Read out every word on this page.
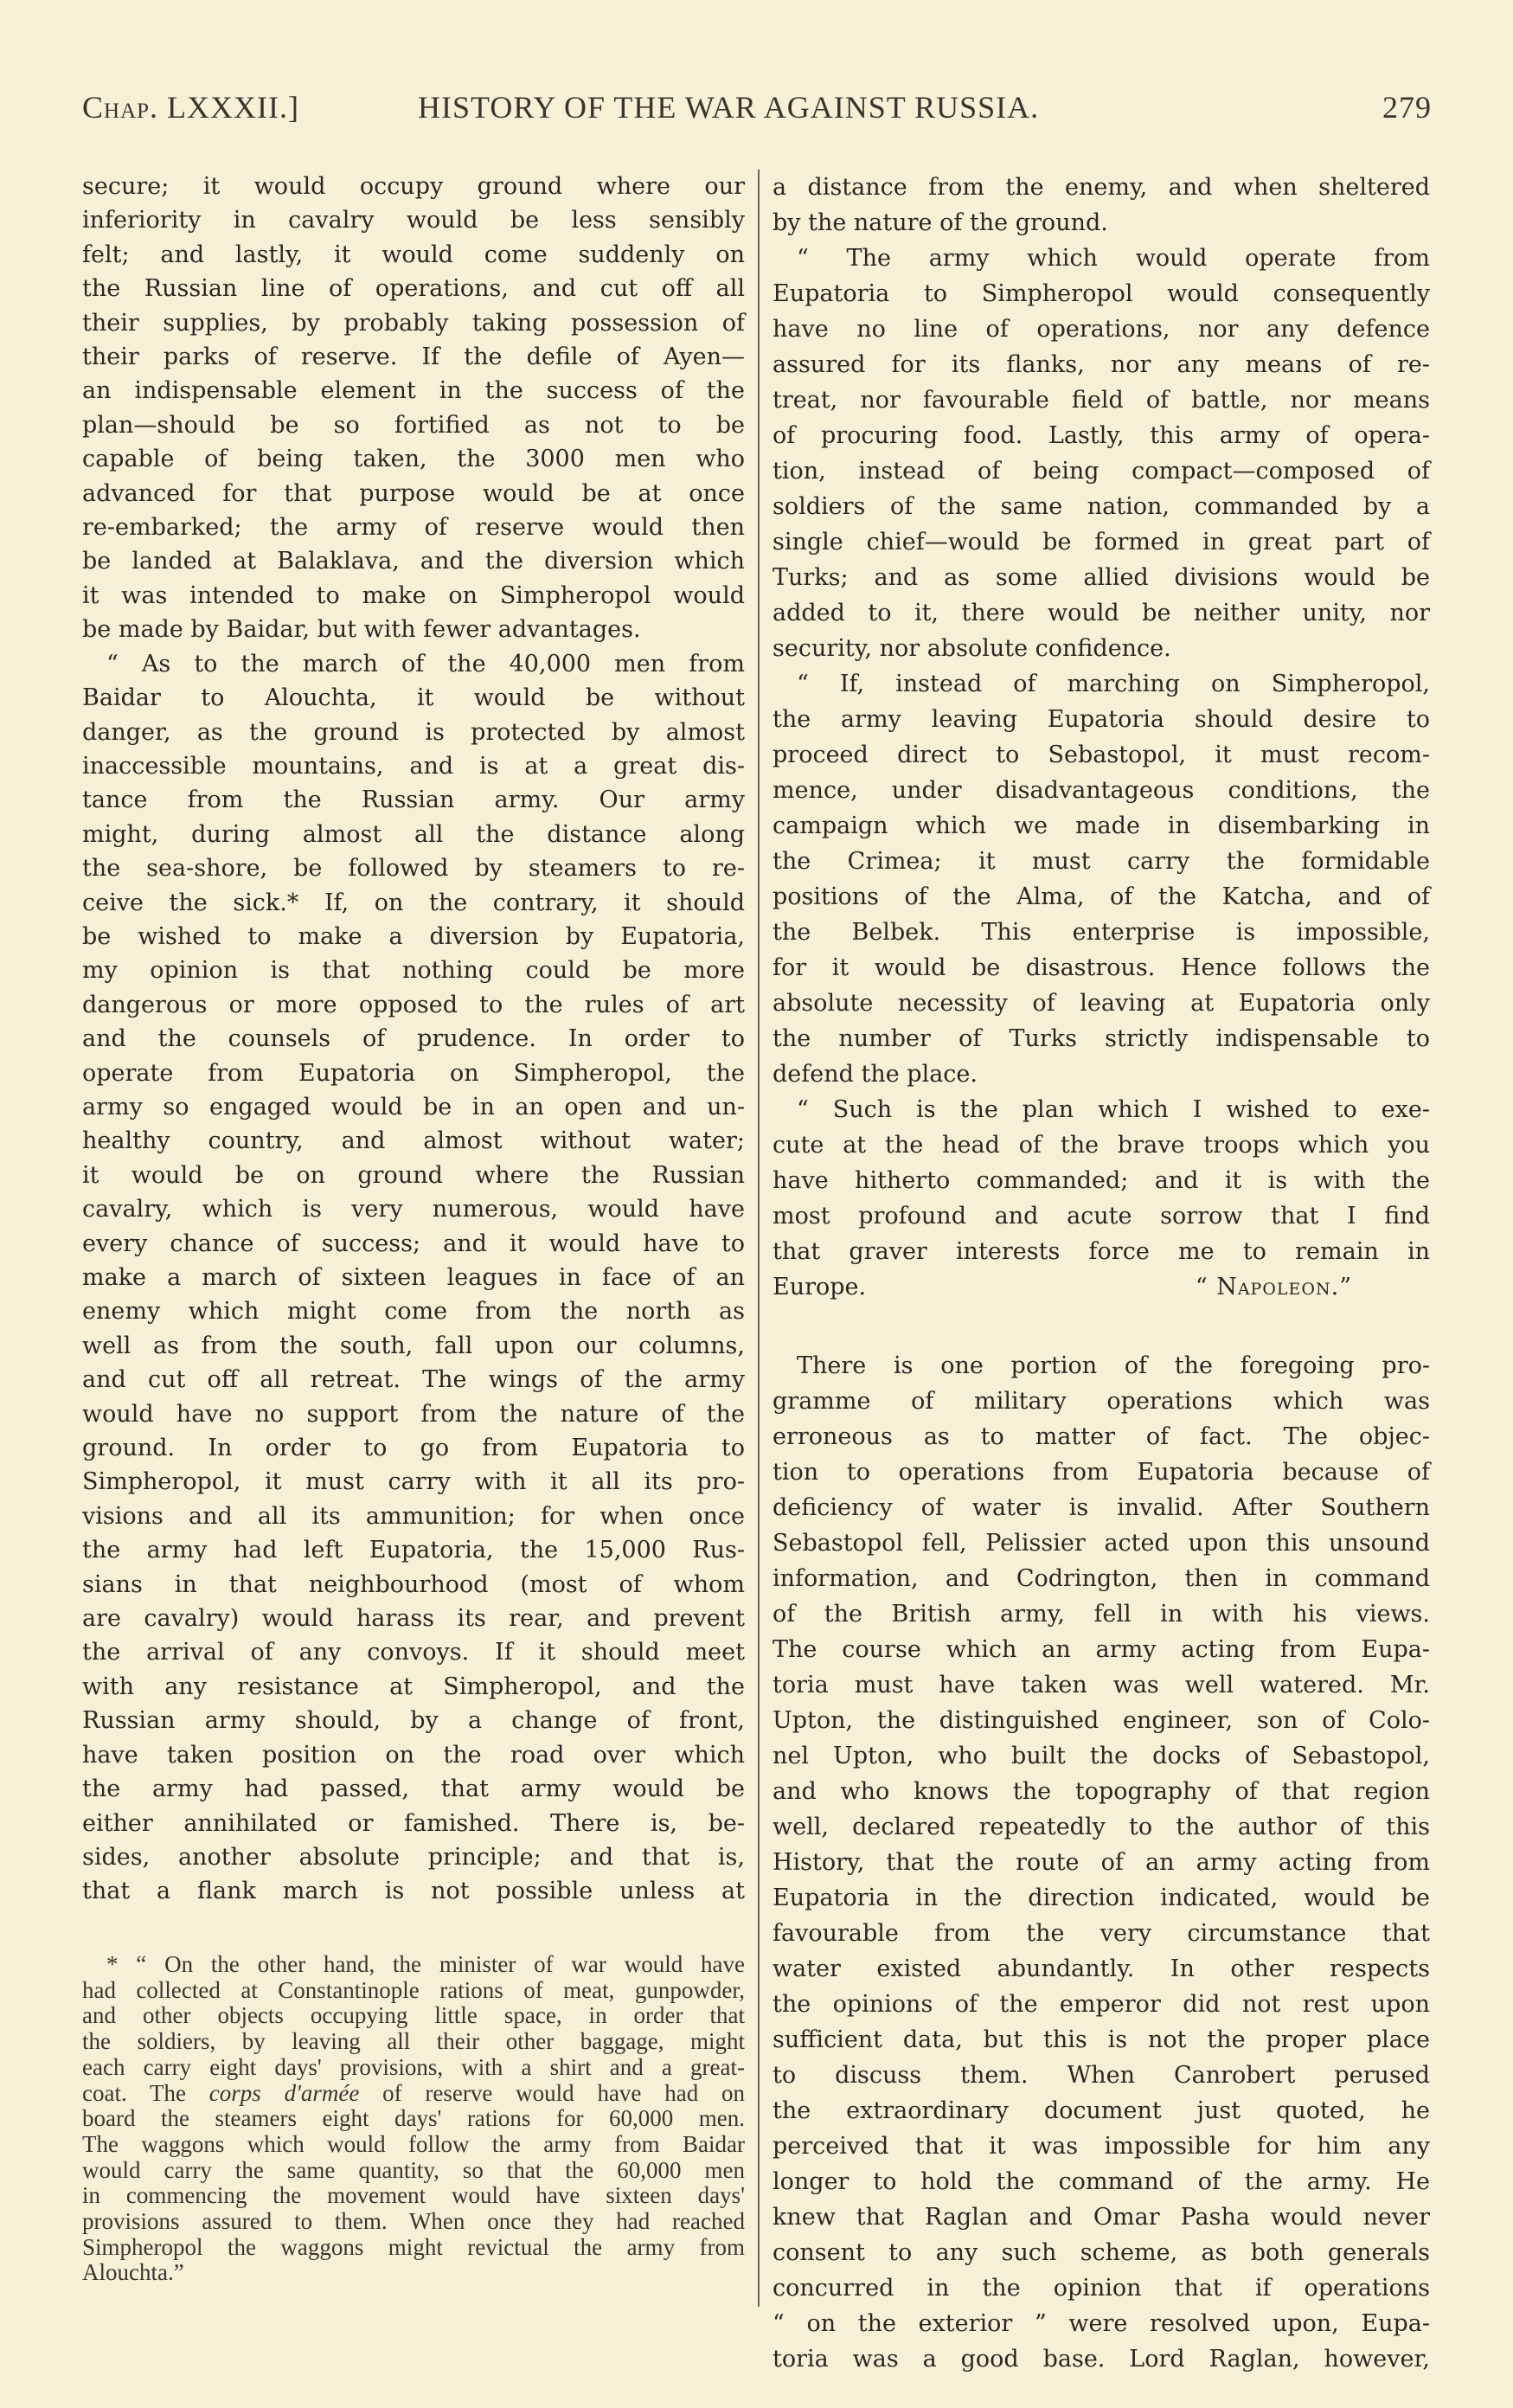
Chap. LXXXII.]	HISTORY OF THE WAR AGAINST RUSSIA.	279
secure; it would occupy ground where our
inferiority in cavalry would be less sensibly
felt; and lastly, it would come suddenly on
the Russian line of operations, and cut off all
their supplies, by probably taking possession of
their parks of reserve. If the defile of Ayen—
an indispensable element in the success of the
plan—should be so fortified as not to be
capable of being taken, the 3000 men who
advanced for that purpose would be at once
re-embarked; the army of reserve would then
be landed at Balaklava, and the diversion which
it was intended to make on Simpheropol would
be made by Baidar, but with fewer advantages.
“ As to the march of the 40,000 men from
Baidar to Alouchta, it would be without
danger, as the ground is protected by almost
inaccessible mountains, and is at a great dis-
tance from the Russian army. Our army
might, during almost all the distance along
the sea-shore, be followed by steamers to re-
ceive the sick.* If, on the contrary, it should
be wished to make a diversion by Eupatoria,
my opinion is that nothing could be more
dangerous or more opposed to the rules of art
and the counsels of prudence. In order to
operate from Eupatoria on Simpheropol, the
army so engaged would be in an open and un-
healthy country, and almost without water;
it would be on ground where the Russian
cavalry, which is very numerous, would have
every chance of success; and it would have to
make a march of sixteen leagues in face of an
enemy which might come from the north as
well as from the south, fall upon our columns,
and cut off all retreat. The wings of the army
would have no support from the nature of the
ground. In order to go from Eupatoria to
Simpheropol, it must carry with it all its pro-
visions and all its ammunition; for when once
the army had left Eupatoria, the 15,000 Rus-
sians in that neighbourhood (most of whom
are cavalry) would harass its rear, and prevent
the arrival of any convoys. If it should meet
with any resistance at Simpheropol, and the
Russian army should, by a change of front,
have taken position on the road over which
the army had passed, that army would be
either annihilated or famished. There is, be-
sides, another absolute principle; and that is,
that a flank march is not possible unless at
a distance from the enemy, and when sheltered
by the nature of the ground.
“ The army which would operate from
Eupatoria to Simpheropol would consequently
have no line of operations, nor any defence
assured for its flanks, nor any means of re-
treat, nor favourable field of battle, nor means
of procuring food. Lastly, this army of opera-
tion, instead of being compact—composed of
soldiers of the same nation, commanded by a
single chief—would be formed in great part of
Turks; and as some allied divisions would be
added to it, there would be neither unity, nor
security, nor absolute confidence.
“ If, instead of marching on Simpheropol,
the army leaving Eupatoria should desire to
proceed direct to Sebastopol, it must recom-
mence, under disadvantageous conditions, the
campaign which we made in disembarking in
the Crimea; it must carry the formidable
positions of the Alma, of the Katcha, and of
the Belbek. This enterprise is impossible,
for it would be disastrous. Hence follows the
absolute necessity of leaving at Eupatoria only
the number of Turks strictly indispensable to
defend the place.
“ Such is the plan which I wished to exe-
cute at the head of the brave troops which you
have hitherto commanded; and it is with the
most profound and acute sorrow that I find
that graver interests force me to remain in
Europe.	“ Napoleon.”
There is one portion of the foregoing pro-
gramme of military operations which was
erroneous as to matter of fact. The objec-
tion to operations from Eupatoria because of
deficiency of water is invalid. After Southern
Sebastopol fell, Pelissier acted upon this unsound
information, and Codrington, then in command
of the British army, fell in with his views.
The course which an army acting from Eupa-
toria must have taken was well watered. Mr.
Upton, the distinguished engineer, son of Colo-
nel Upton, who built the docks of Sebastopol,
and who knows the topography of that region
well, declared repeatedly to the author of this
History, that the route of an army acting from
Eupatoria in the direction indicated, would be
favourable from the very circumstance that
water existed abundantly. In other respects
the opinions of the emperor did not rest upon
sufficient data, but this is not the proper place
to discuss them. When Canrobert perused
the extraordinary document just quoted, he
perceived that it was impossible for him any
longer to hold the command of the army. He
knew that Raglan and Omar Pasha would never
consent to any such scheme, as both generals
concurred in the opinion that if operations
“ on the exterior ” were resolved upon, Eupa-
toria was a good base. Lord Raglan, however,
* “ On the other hand, the minister of war would have
had collected at Constantinople rations of meat, gunpowder,
and other objects occupying little space, in order that
the soldiers, by leaving all their other baggage, might
each carry eight days' provisions, with a shirt and a great-
coat. The corps d'armée of reserve would have had on
board the steamers eight days' rations for 60,000 men.
The waggons which would follow the army from Baidar
would carry the same quantity, so that the 60,000 men
in commencing the movement would have sixteen days'
provisions assured to them. When once they had reached
Simpheropol the waggons might revictual the army from
Alouchta.”
